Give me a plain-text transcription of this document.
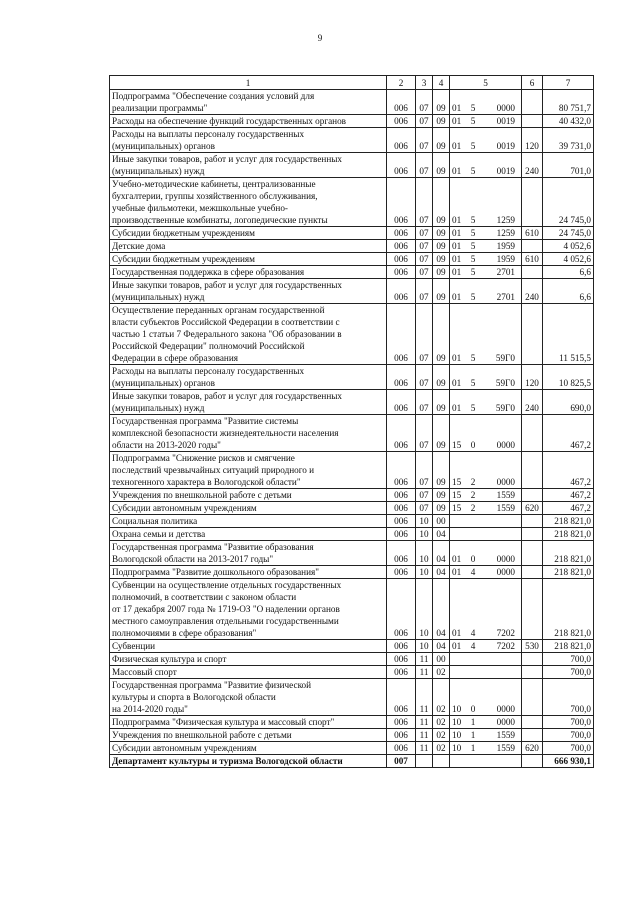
9
1	2	3	4	5	6	7
Подпрограмма "Обеспечение создания условий для
реализации программы"	006	07	09	01 5 0000		80 751,7
Расходы на обеспечение функций государственных органов	006	07	09	01 5 0019		40 432,0
Расходы на выплаты персоналу государственных
(муниципальных) органов	006	07	09	01 5 0019	120	39 731,0
Иные закупки товаров, работ и услуг для государственных
(муниципальных) нужд	006	07	09	01 5 0019	240	701,0
Учебно-методические кабинеты, централизованные
бухгалтерии, группы хозяйственного обслуживания,
учебные фильмотеки, межшкольные учебно-
производственные комбинаты, логопедические пункты	006	07	09	01 5 1259		24 745,0
Субсидии бюджетным учреждениям	006	07	09	01 5 1259	610	24 745,0
Детские дома	006	07	09	01 5 1959		4 052,6
Субсидии бюджетным учреждениям	006	07	09	01 5 1959	610	4 052,6
Государственная поддержка в сфере образования	006	07	09	01 5 2701		6,6
Иные закупки товаров, работ и услуг для государственных
(муниципальных) нужд	006	07	09	01 5 2701	240	6,6
Осуществление переданных органам государственной
власти субъектов Российской Федерации в соответствии с
частью 1 статьи 7 Федерального закона "Об образовании в
Российской Федерации" полномочий Российской
Федерации в сфере образования	006	07	09	01 5 59Г0		11 515,5
Расходы на выплаты персоналу государственных
(муниципальных) органов	006	07	09	01 5 59Г0	120	10 825,5
Иные закупки товаров, работ и услуг для государственных
(муниципальных) нужд	006	07	09	01 5 59Г0	240	690,0
Государственная программа "Развитие системы
комплексной безопасности жизнедеятельности населения
области на 2013-2020 годы"	006	07	09	15 0 0000		467,2
Подпрограмма "Снижение рисков и смягчение
последствий чрезвычайных ситуаций природного и
техногенного характера в Вологодской области"	006	07	09	15 2 0000		467,2
Учреждения по внешкольной работе с детьми	006	07	09	15 2 1559		467,2
Субсидии автономным учреждениям	006	07	09	15 2 1559	620	467,2
Социальная политика	006	10	00			218 821,0
Охрана семьи и детства	006	10	04			218 821,0
Государственная программа "Развитие образования
Вологодской области на 2013-2017 годы"	006	10	04	01 0 0000		218 821,0
Подпрограмма "Развитие дошкольного образования"	006	10	04	01 4 0000		218 821,0
Субвенции на осуществление отдельных государственных
полномочий, в соответствии с законом области
от 17 декабря 2007 года № 1719-ОЗ "О наделении органов
местного самоуправления отдельными государственными
полномочиями в сфере образования"	006	10	04	01 4 7202		218 821,0
Субвенции	006	10	04	01 4 7202	530	218 821,0
Физическая культура и спорт	006	11	00			700,0
Массовый спорт	006	11	02			700,0
Государственная программа "Развитие физической
культуры и спорта в Вологодской области
на 2014-2020 годы"	006	11	02	10 0 0000		700,0
Подпрограмма "Физическая культура и массовый спорт"	006	11	02	10 1 0000		700,0
Учреждения по внешкольной работе с детьми	006	11	02	10 1 1559		700,0
Субсидии автономным учреждениям	006	11	02	10 1 1559	620	700,0
Департамент культуры и туризма Вологодской области	007					666 930,1
